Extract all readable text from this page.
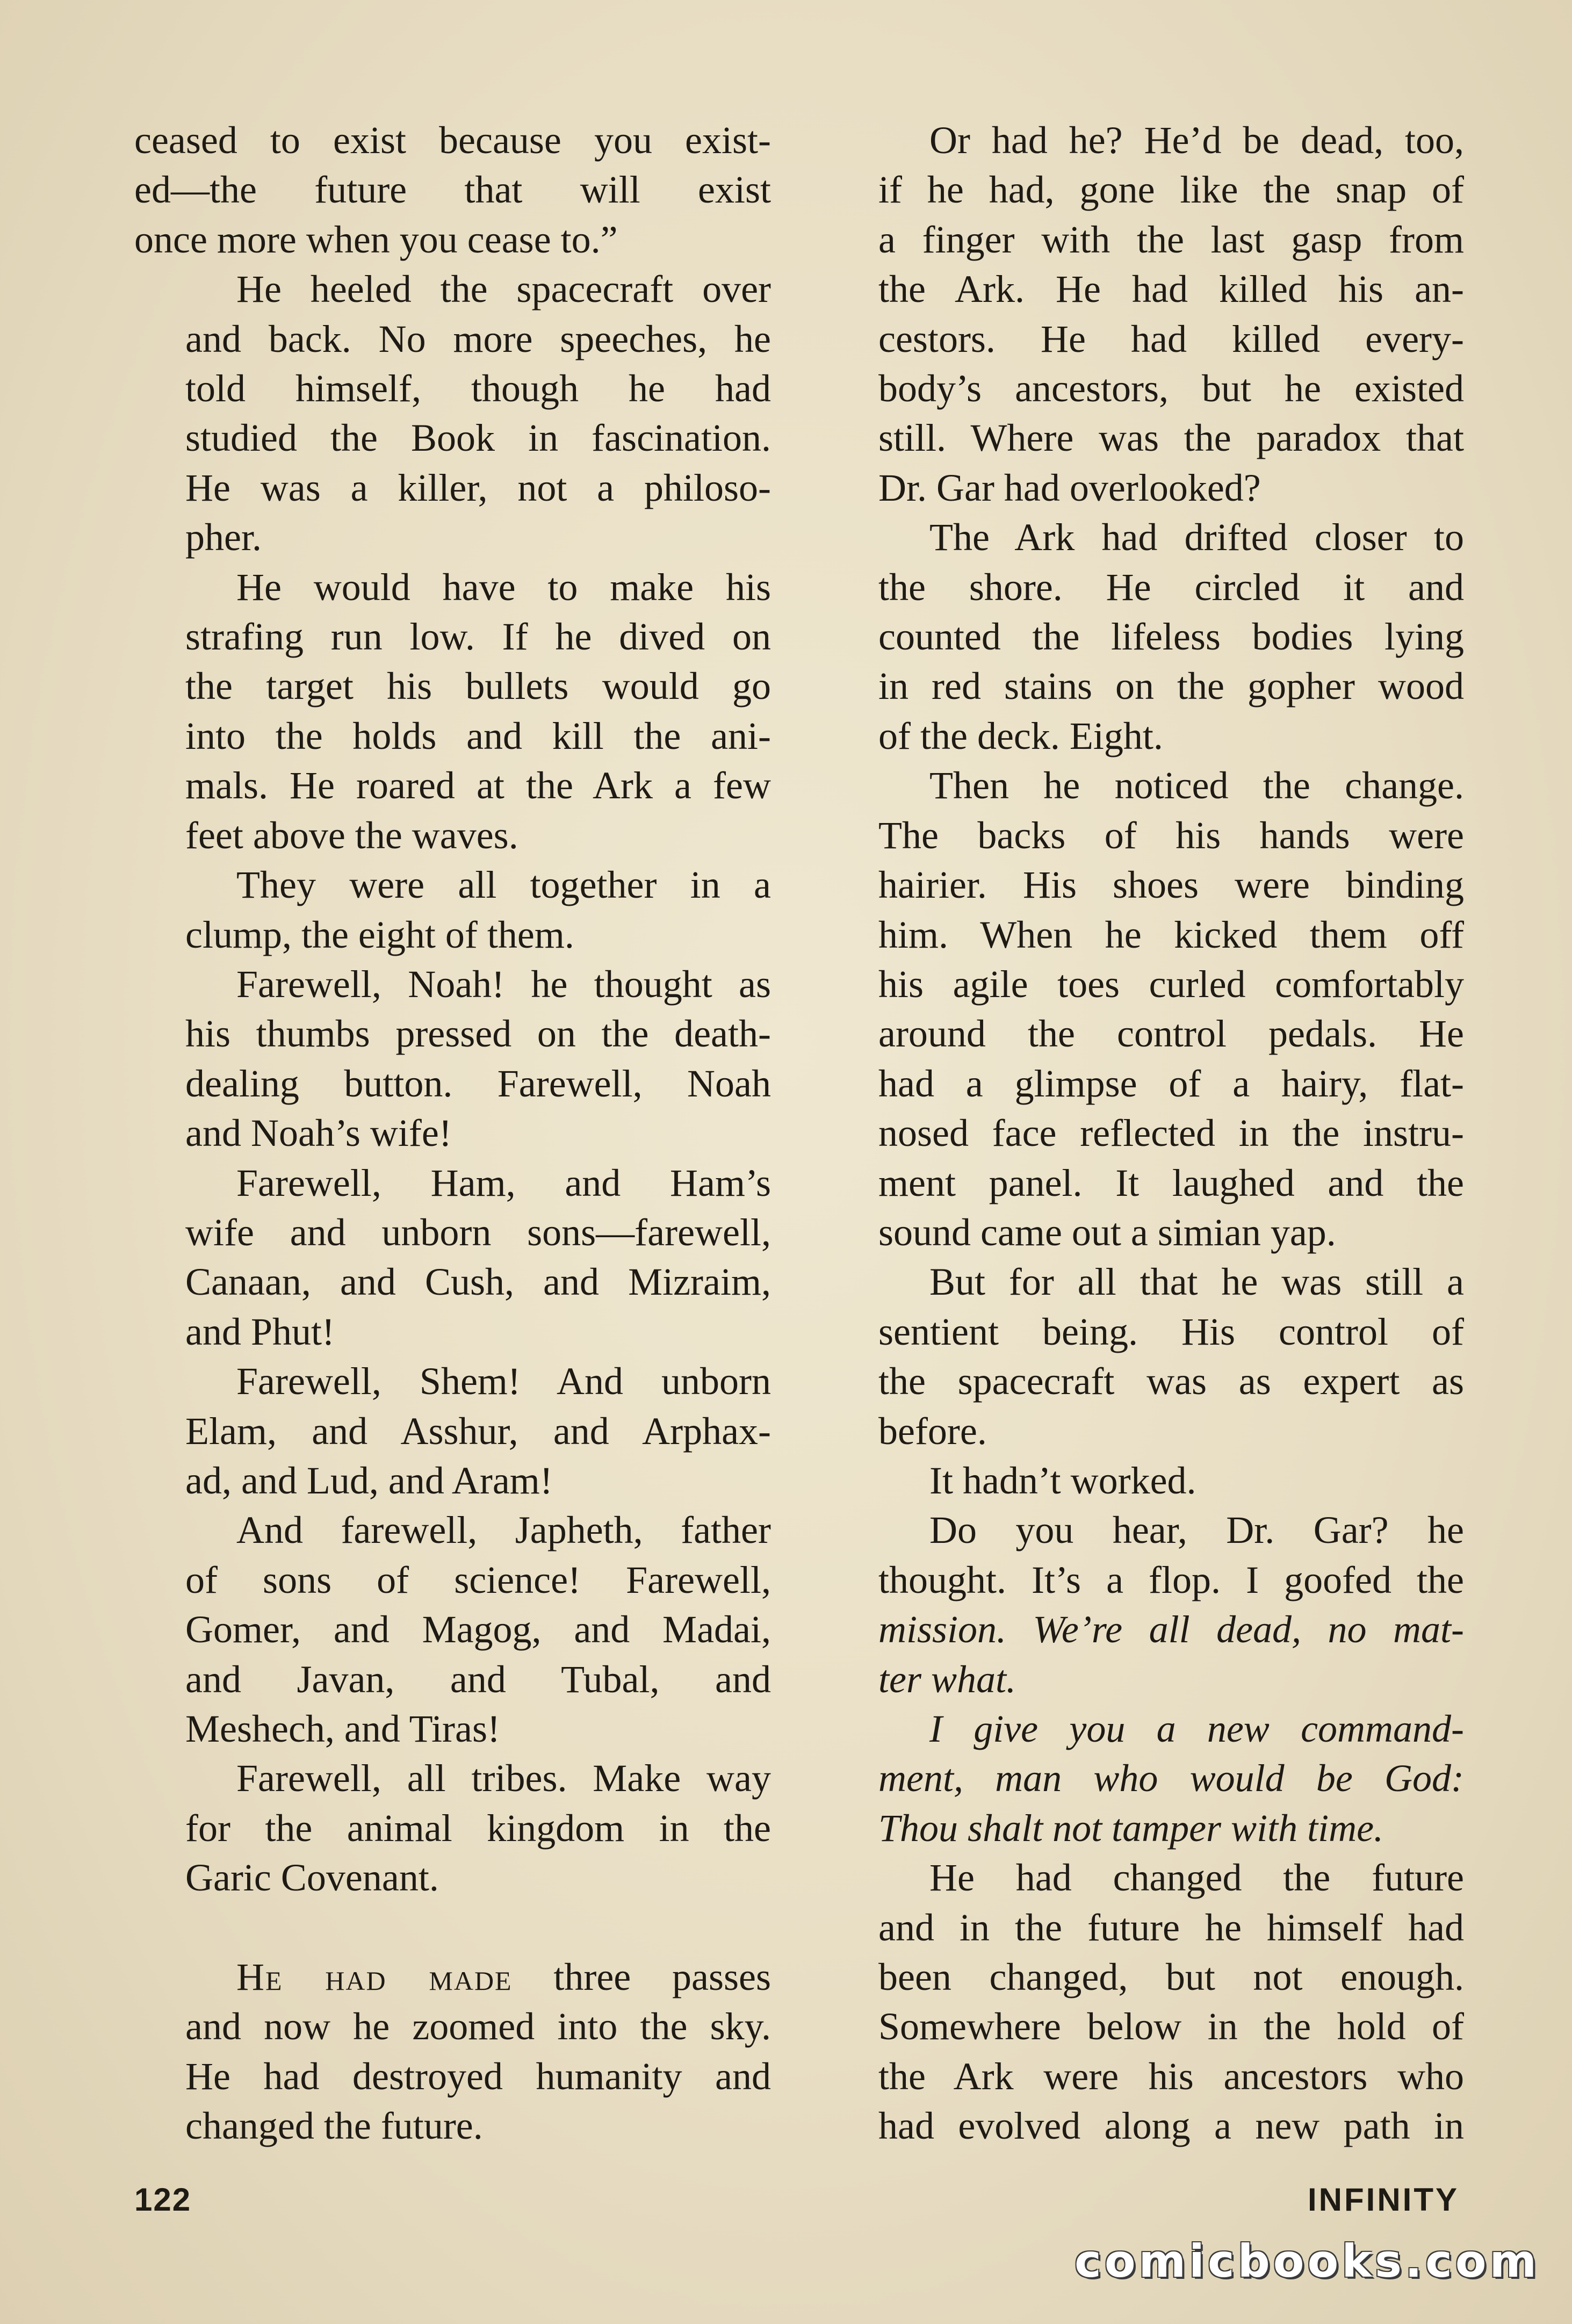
ceased to exist because you exist-
ed—the future that will exist
once more when you cease to.”

He heeled the spacecraft over
and back. No more speeches, he
told himself, though he had
studied the Book in fascination.
He was a killer, not a philoso-
pher.

He would have to make his
strafing run low. If he dived on
the target his bullets would go
into the holds and kill the ani-
mals. He roared at the Ark a few
feet above the waves.

They were all together in a
clump, the eight of them.

Farewell, Noah! he thought as
his thumbs pressed on the death-
dealing button. Farewell, Noah
and Noah’s wife!

Farewell, Ham, and Ham’s
wife and unborn sons—farewell,
Canaan, and Cush, and Mizraim,
and Phut!

Farewell, Shem! And unborn
Elam, and Asshur, and Arphax-
ad, and Lud, and Aram!

And farewell, Japheth, father
of sons of science! Farewell,
Gomer, and Magog, and Madai,
and Javan, and Tubal, and
Meshech, and Tiras!

Farewell, all tribes. Make way
for the animal kingdom in the
Garic Covenant.

He had made three passes
and now he zoomed into the sky.
He had destroyed humanity and
changed the future.

Or had he? He’d be dead, too,
if he had, gone like the snap of
a finger with the last gasp from
the Ark. He had killed his an-
cestors. He had killed every-
body’s ancestors, but he existed
still. Where was the paradox that
Dr. Gar had overlooked?

The Ark had drifted closer to
the shore. He circled it and
counted the lifeless bodies lying
in red stains on the gopher wood
of the deck. Eight.

Then he noticed the change.
The backs of his hands were
hairier. His shoes were binding
him. When he kicked them off
his agile toes curled comfortably
around the control pedals. He
had a glimpse of a hairy, flat-
nosed face reflected in the instru-
ment panel. It laughed and the
sound came out a simian yap.

But for all that he was still a
sentient being. His control of
the spacecraft was as expert as
before.

It hadn’t worked.

Do you hear, Dr. Gar? he
thought. It’s a flop. I goofed the
mission. We’re all dead, no mat-
ter what.

I give you a new command-
ment, man who would be God:
Thou shalt not tamper with time.

He had changed the future
and in the future he himself had
been changed, but not enough.
Somewhere below in the hold of
the Ark were his ancestors who
had evolved along a new path in

122	INFINITY
comicbooks.com
